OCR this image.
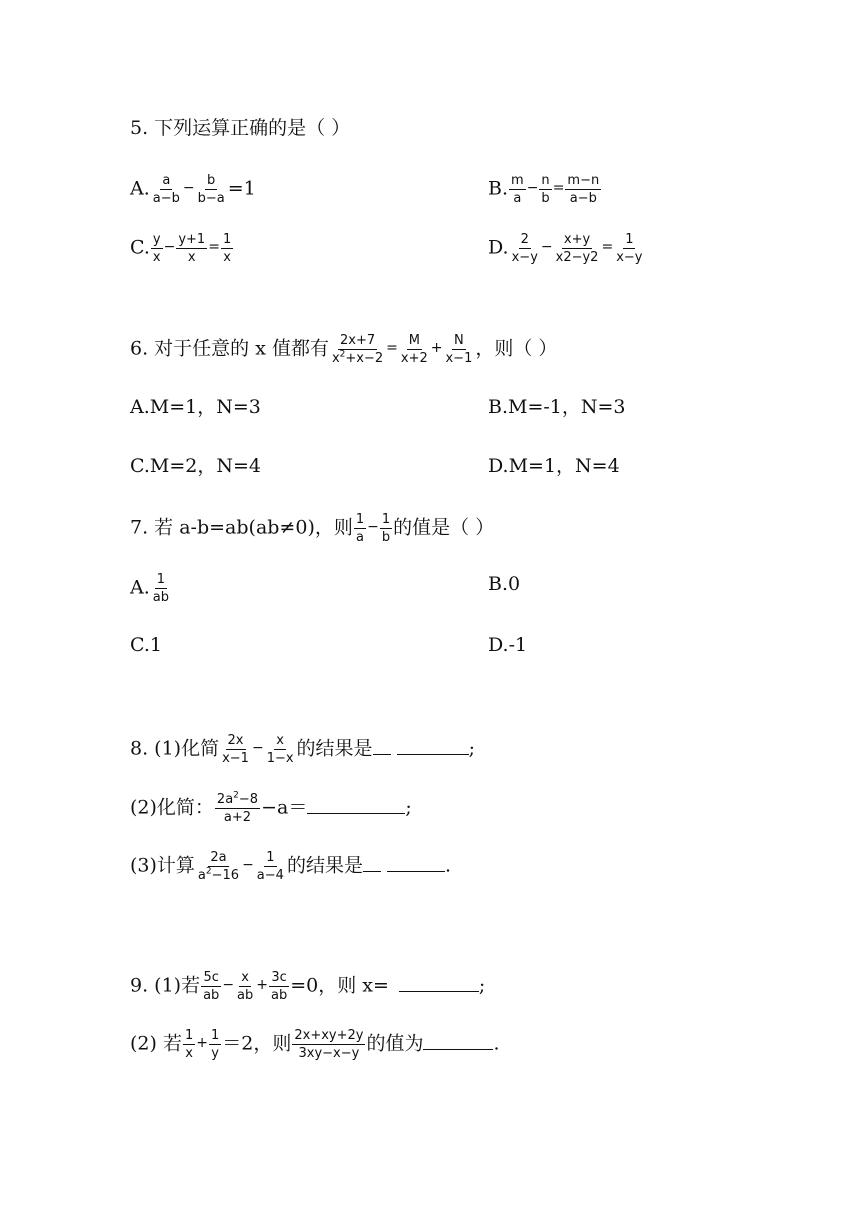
5. 下列运算正确的是（ ）
A. $\frac{a}{a-b} - \frac{b}{b-a} =1$	B. $\frac{m}{a} - \frac{n}{b} = \frac{m-n}{a-b}$
C. $\frac{y}{x} - \frac{y+1}{x} = \frac{1}{x}$	D. $\frac{2}{x-y} - \frac{x+y}{x2-y2} = \frac{1}{x-y}$
6. 对于任意的 x 值都有 $\frac{2x+7}{x^2+x-2} = \frac{M}{x+2} + \frac{N}{x-1}$ ，则（ ）
A.M=1，N=3	B.M=-1，N=3
C.M=2，N=4	D.M=1，N=4
7. 若 a-b=ab(ab≠0)，则 $\frac{1}{a} - \frac{1}{b}$ 的值是（ ）
A. $\frac{1}{ab}$	B.0
C.1	D.-1
8. (1)化简 $\frac{2x}{x-1} - \frac{x}{1-x}$ 的结果是	;
(2)化简： $\frac{2a^2-8}{a+2} -a=$	;
(3)计算 $\frac{2a}{a^2-16} - \frac{1}{a-4}$ 的结果是	.
9. (1)若 $\frac{5c}{ab} - \frac{x}{ab} + \frac{3c}{ab} =0$，则 x=	;
(2) 若 $\frac{1}{x} + \frac{1}{y} =2$，则 $\frac{2x+xy+2y}{3xy-x-y}$ 的值为	.
